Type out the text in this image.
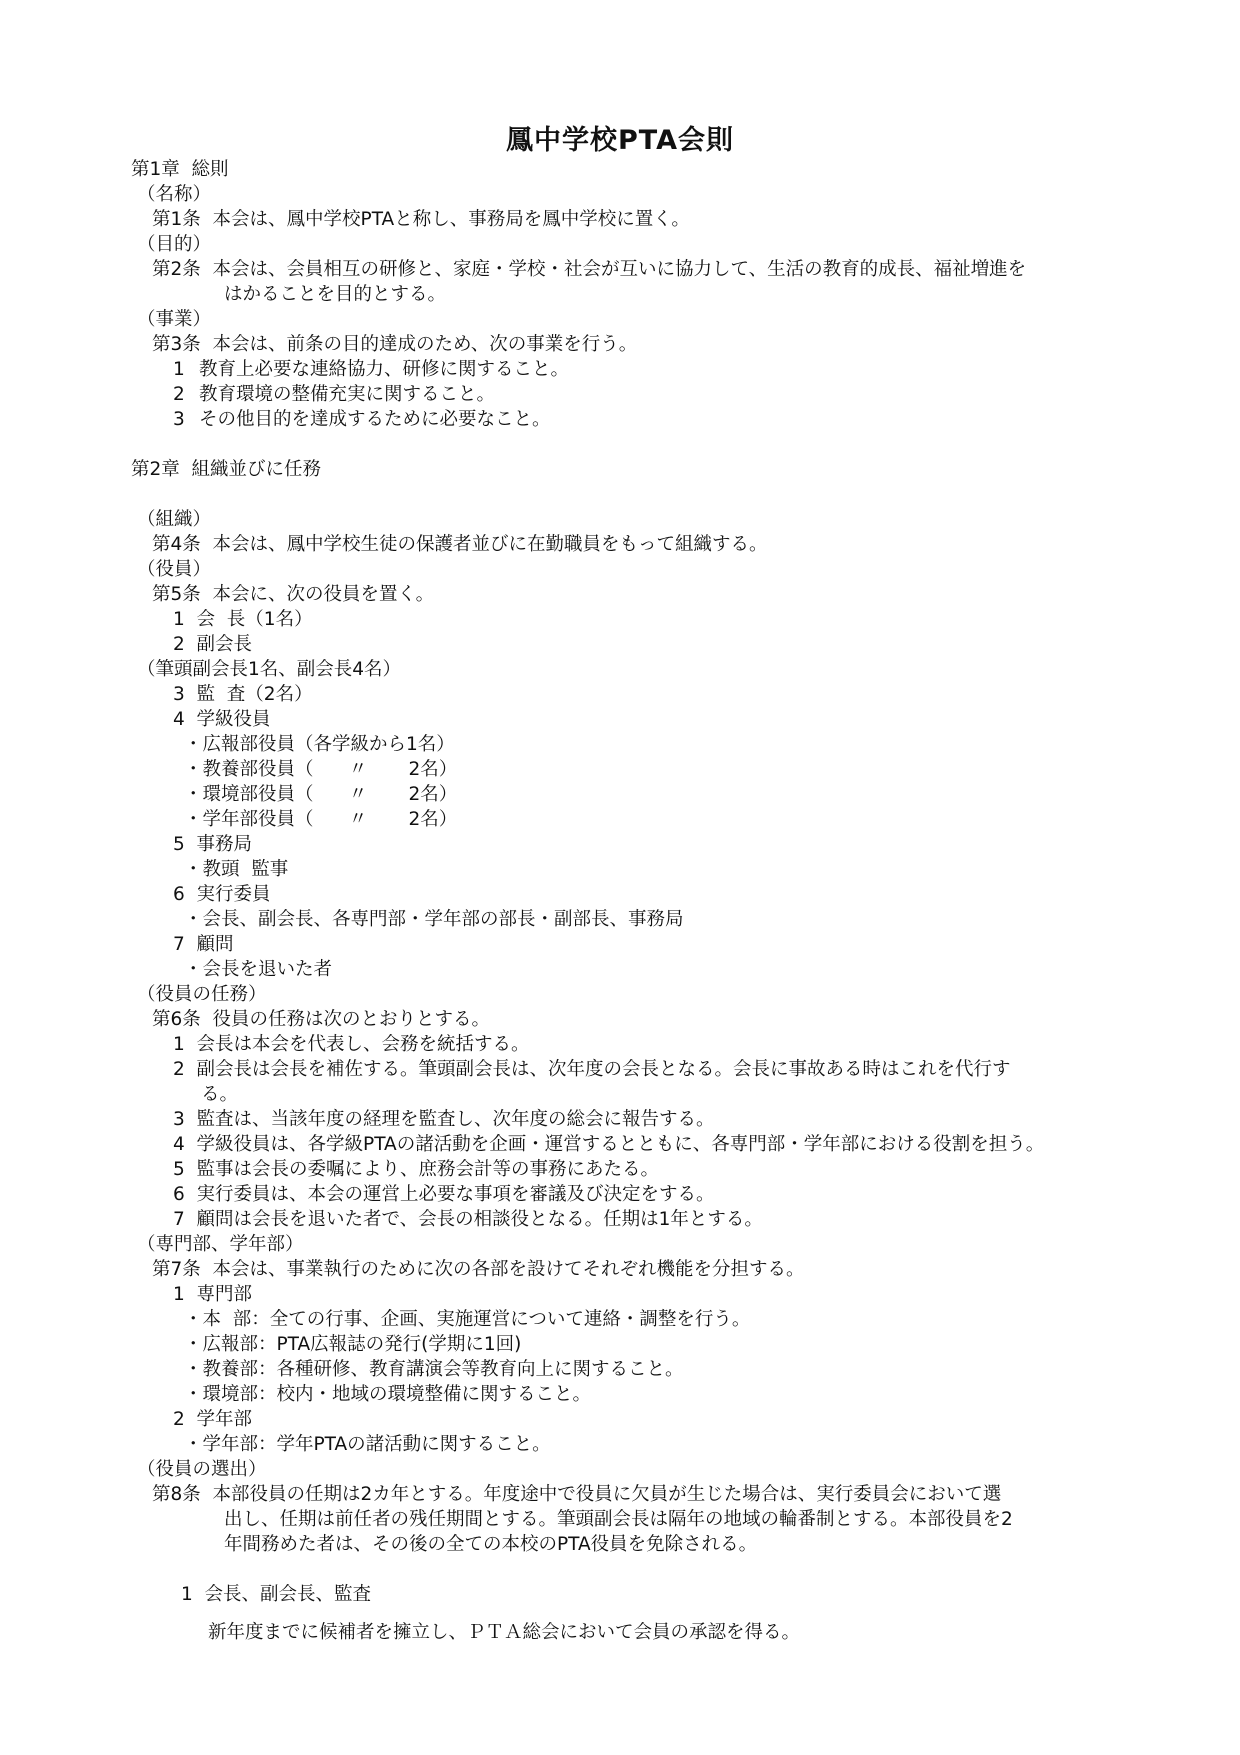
鳳中学校PTA会則
第1章  総則
（名称）
第1条  本会は、鳳中学校PTAと称し、事務局を鳳中学校に置く。
（目的）
第2条  本会は、会員相互の研修と、家庭・学校・社会が互いに協力して、生活の教育的成長、福祉増進を
はかることを目的とする。
（事業）
第3条  本会は、前条の目的達成のため、次の事業を行う。
1 教育上必要な連絡協力、研修に関すること。
2 教育環境の整備充実に関すること。
3 その他目的を達成するために必要なこと。
第2章  組織並びに任務
（組織）
第4条  本会は、鳳中学校生徒の保護者並びに在勤職員をもって組織する。
（役員）
第5条  本会に、次の役員を置く。
1  会  長（1名）
2  副会長
（筆頭副会長1名、副会長4名）
3  監  査（2名）
4  学級役員
・広報部役員（各学級から1名）
・教養部役員（      〃       2名）
・環境部役員（      〃       2名）
・学年部役員（      〃       2名）
5  事務局
・教頭  監事
6  実行委員
・会長、副会長、各専門部・学年部の部長・副部長、事務局
7  顧問
・会長を退いた者
（役員の任務）
第6条  役員の任務は次のとおりとする。
1  会長は本会を代表し、会務を統括する。
2  副会長は会長を補佐する。筆頭副会長は、次年度の会長となる。会長に事故ある時はこれを代行す
る。
3  監査は、当該年度の経理を監査し、次年度の総会に報告する。
4  学級役員は、各学級PTAの諸活動を企画・運営するとともに、各専門部・学年部における役割を担う。
5  監事は会長の委嘱により、庶務会計等の事務にあたる。
6  実行委員は、本会の運営上必要な事項を審議及び決定をする。
7  顧問は会長を退いた者で、会長の相談役となる。任期は1年とする。
（専門部、学年部）
第7条  本会は、事業執行のために次の各部を設けてそれぞれ機能を分担する。
1  専門部
・本  部：全ての行事、企画、実施運営について連絡・調整を行う。
・広報部：PTA広報誌の発行(学期に1回)
・教養部：各種研修、教育講演会等教育向上に関すること。
・環境部：校内・地域の環境整備に関すること。
2  学年部
・学年部：学年PTAの諸活動に関すること。
（役員の選出）
第8条  本部役員の任期は2カ年とする。年度途中で役員に欠員が生じた場合は、実行委員会において選
出し、任期は前任者の残任期間とする。筆頭副会長は隔年の地域の輪番制とする。本部役員を2
年間務めた者は、その後の全ての本校のPTA役員を免除される。
1  会長、副会長、監査
新年度までに候補者を擁立し、ＰＴＡ総会において会員の承認を得る。
